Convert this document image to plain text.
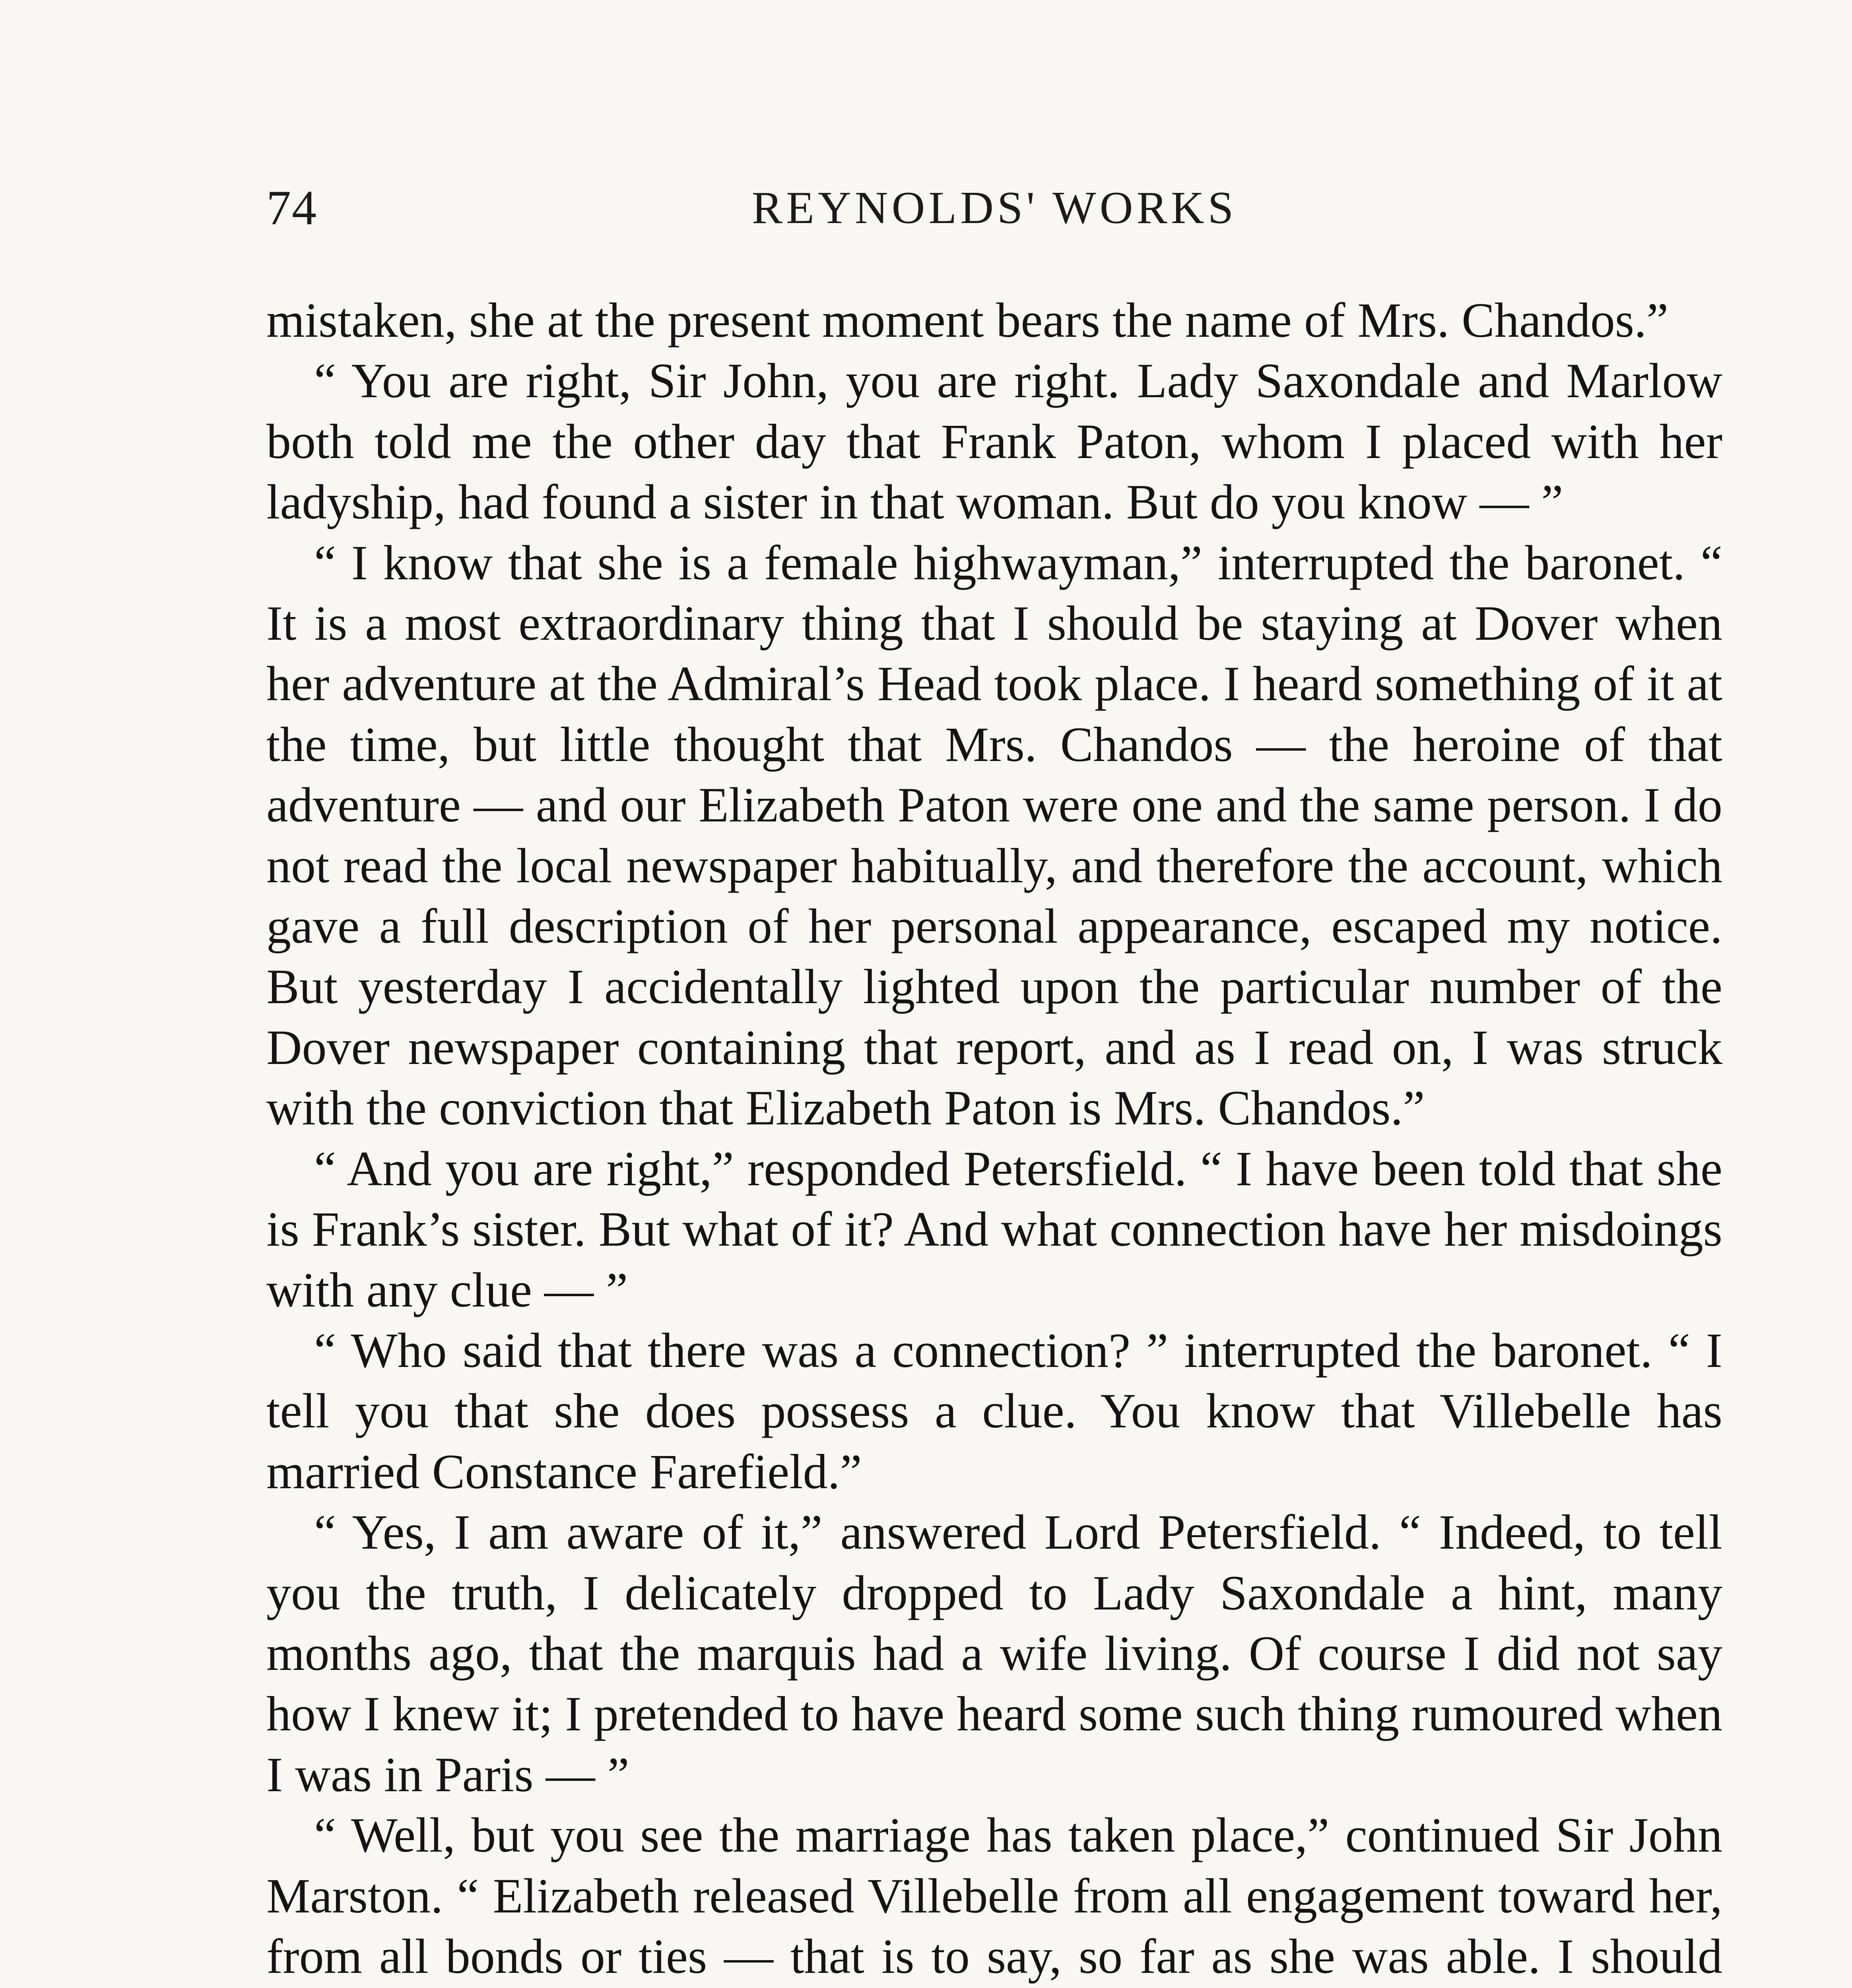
74	REYNOLDS' WORKS

mistaken, she at the present moment bears the name of Mrs. Chandos.”

“ You are right, Sir John, you are right. Lady Saxondale and Marlow both told me the other day that Frank Paton, whom I placed with her ladyship, had found a sister in that woman. But do you know — ”

“ I know that she is a female highwayman,” interrupted the baronet. “ It is a most extraordinary thing that I should be staying at Dover when her adventure at the Admiral’s Head took place. I heard something of it at the time, but little thought that Mrs. Chandos — the heroine of that adventure — and our Elizabeth Paton were one and the same person. I do not read the local newspaper habitually, and therefore the account, which gave a full description of her personal appearance, escaped my notice. But yesterday I accidentally lighted upon the particular number of the Dover newspaper containing that report, and as I read on, I was struck with the conviction that Elizabeth Paton is Mrs. Chandos.”

“ And you are right,” responded Petersfield. “ I have been told that she is Frank’s sister. But what of it? And what connection have her misdoings with any clue — ”

“ Who said that there was a connection? ” interrupted the baronet. “ I tell you that she does possess a clue. You know that Villebelle has married Constance Farefield.”

“ Yes, I am aware of it,” answered Lord Petersfield. “ Indeed, to tell you the truth, I delicately dropped to Lady Saxondale a hint, many months ago, that the marquis had a wife living. Of course I did not say how I knew it; I pretended to have heard some such thing rumoured when I was in Paris — ”

“ Well, but you see the marriage has taken place,” continued Sir John Marston. “ Elizabeth released Villebelle from all engagement toward her, from all bonds or ties — that is to say, so far as she was able. I should
